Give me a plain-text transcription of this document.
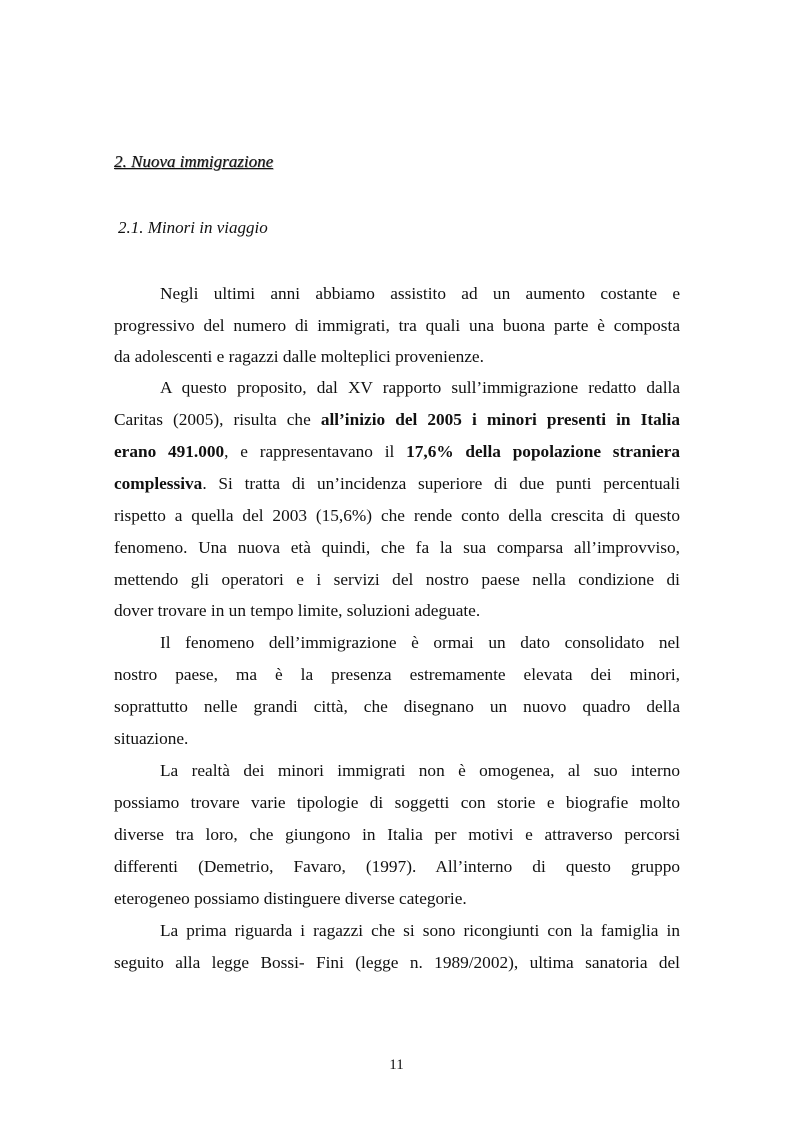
2. Nuova immigrazione
2.1. Minori in viaggio
Negli ultimi anni abbiamo assistito ad un aumento costante e
progressivo del numero di immigrati, tra quali una buona parte è composta
da adolescenti e ragazzi dalle molteplici provenienze.
A questo proposito, dal XV rapporto sull’immigrazione redatto dalla
Caritas (2005), risulta che all’inizio del 2005 i minori presenti in Italia
erano 491.000, e rappresentavano il 17,6% della popolazione straniera
complessiva. Si tratta di un’incidenza superiore di due punti percentuali
rispetto a quella del 2003 (15,6%) che rende conto della crescita di questo
fenomeno. Una nuova età quindi, che fa la sua comparsa all’improvviso,
mettendo gli operatori e i servizi del nostro paese nella condizione di
dover trovare in un tempo limite, soluzioni adeguate.
Il fenomeno dell’immigrazione è ormai un dato consolidato nel
nostro paese, ma è la presenza estremamente elevata dei minori,
soprattutto nelle grandi città, che disegnano un nuovo quadro della
situazione.
La realtà dei minori immigrati non è omogenea, al suo interno
possiamo trovare varie tipologie di soggetti con storie e biografie molto
diverse tra loro, che giungono in Italia per motivi e attraverso percorsi
differenti (Demetrio, Favaro, (1997). All’interno di questo gruppo
eterogeneo possiamo distinguere diverse categorie.
La prima riguarda i ragazzi che si sono ricongiunti con la famiglia in
seguito alla legge Bossi- Fini (legge n. 1989/2002), ultima sanatoria del
11
